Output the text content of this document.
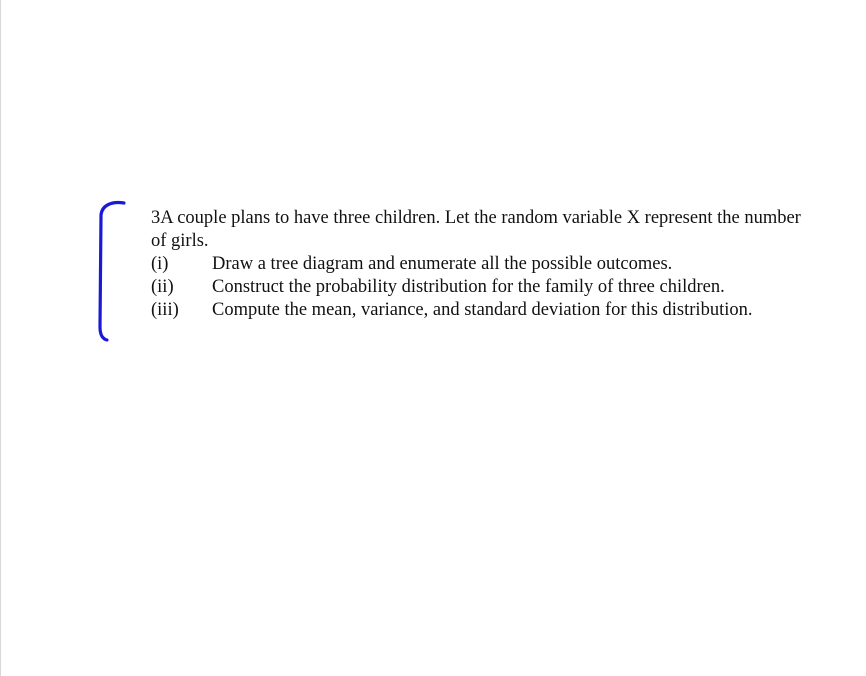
3A couple plans to have three children. Let the random variable X represent the number
of girls.
(i)	Draw a tree diagram and enumerate all the possible outcomes.
(ii)	Construct the probability distribution for the family of three children.
(iii)	Compute the mean, variance, and standard deviation for this distribution.
